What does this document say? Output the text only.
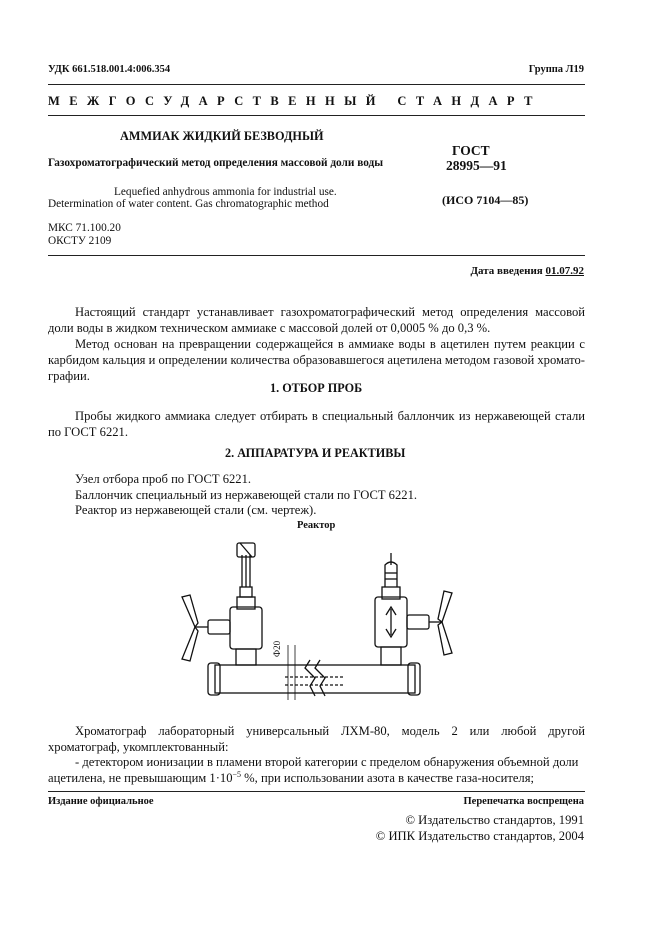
УДК 661.518.001.4:006.354	Группа Л19
МЕЖГОСУДАРСТВЕННЫЙ СТАНДАРТ
АММИАК ЖИДКИЙ БЕЗВОДНЫЙ
Газохроматографический метод определения массовой доли воды
Lequefied anhydrous ammonia for industrial use.
Determination of water content. Gas chromatographic method
ГОСТ
28995—91
(ИСО 7104—85)
МКС 71.100.20
ОКСТУ 2109
Дата введения 01.07.92
Настоящий стандарт устанавливает газохроматографический метод определения массовой доли воды в жидком техническом аммиаке с массовой долей от 0,0005 % до 0,3 %.
Метод основан на превращении содержащейся в аммиаке воды в ацетилен путем реакции с карбидом кальция и определении количества образовавшегося ацетилена методом газовой хроматографии.
1. ОТБОР ПРОБ
Пробы жидкого аммиака следует отбирать в специальный баллончик из нержавеющей стали по ГОСТ 6221.
2. АППАРАТУРА И РЕАКТИВЫ
Узел отбора проб по ГОСТ 6221.
Баллончик специальный из нержавеющей стали по ГОСТ 6221.
Реактор из нержавеющей стали (см. чертеж).
Реактор
Ф20
Хроматограф лабораторный универсальный ЛХМ-80, модель 2 или любой другой хроматограф, укомплектованный:
- детектором ионизации в пламени второй категории с пределом обнаружения объемной доли
ацетилена, не превышающим $1\cdot 10^{-5}$ %, при использовании азота в качестве газа-носителя;
Издание официальное	Перепечатка воспрещена
© Издательство стандартов, 1991
© ИПК Издательство стандартов, 2004
